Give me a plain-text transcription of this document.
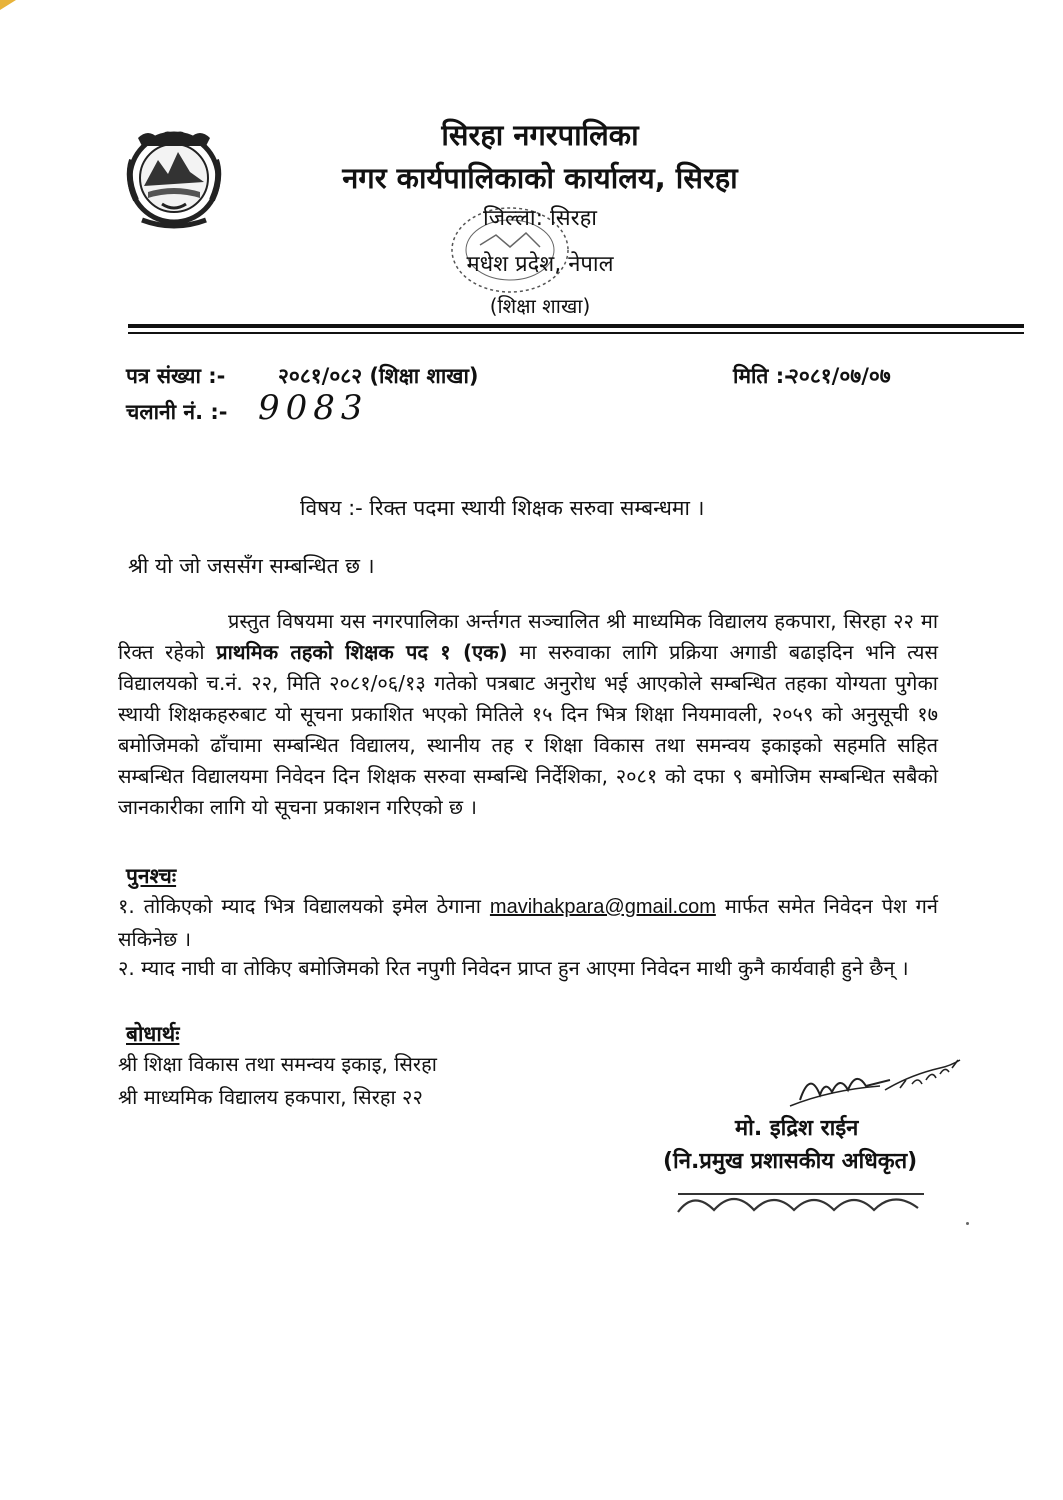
सिरहा नगरपालिका
नगर कार्यपालिकाको कार्यालय, सिरहा
जिल्ला: सिरहा
मधेश प्रदेश, नेपाल
(शिक्षा शाखा)
पत्र संख्या :-	२०८१/०८२ (शिक्षा शाखा)	मिति :-
२०८१/०७/०७
चलानी नं. :- 9083
विषय :- रिक्त पदमा स्थायी शिक्षक सरुवा सम्बन्धमा ।
श्री यो जो जससँग सम्बन्धित छ ।
प्रस्तुत विषयमा यस नगरपालिका अर्न्तगत सञ्चालित श्री माध्यमिक विद्यालय हकपारा, सिरहा २२ मा रिक्त रहेको प्राथमिक तहको शिक्षक पद १ (एक) मा सरुवाका लागि प्रक्रिया अगाडी बढाइदिन भनि त्यस विद्यालयको च.नं. २२, मिति २०८१/०६/१३ गतेको पत्रबाट अनुरोध भई आएकोले सम्बन्धित तहका योग्यता पुगेका स्थायी शिक्षकहरुबाट यो सूचना प्रकाशित भएको मितिले १५ दिन भित्र शिक्षा नियमावली, २०५९ को अनुसूची १७ बमोजिमको ढाँचामा सम्बन्धित विद्यालय, स्थानीय तह र शिक्षा विकास तथा समन्वय इकाइको सहमति सहित सम्बन्धित विद्यालयमा निवेदन दिन शिक्षक सरुवा सम्बन्धि निर्देशिका, २०८१ को दफा ९ बमोजिम सम्बन्धित सबैको जानकारीका लागि यो सूचना प्रकाशन गरिएको छ ।
पुनश्चः
१. तोकिएको म्याद भित्र विद्यालयको इमेल ठेगाना mavihakpara@gmail.com मार्फत समेत निवेदन पेश गर्न सकिनेछ ।
२. म्याद नाघी वा तोकिए बमोजिमको रित नपुगी निवेदन प्राप्त हुन आएमा निवेदन माथी कुनै कार्यवाही हुने छैन् ।
बोधार्थः
श्री शिक्षा विकास तथा समन्वय इकाइ, सिरहा
श्री माध्यमिक विद्यालय हकपारा, सिरहा २२
मो. इद्रिश राईन
(नि.प्रमुख प्रशासकीय अधिकृत)
